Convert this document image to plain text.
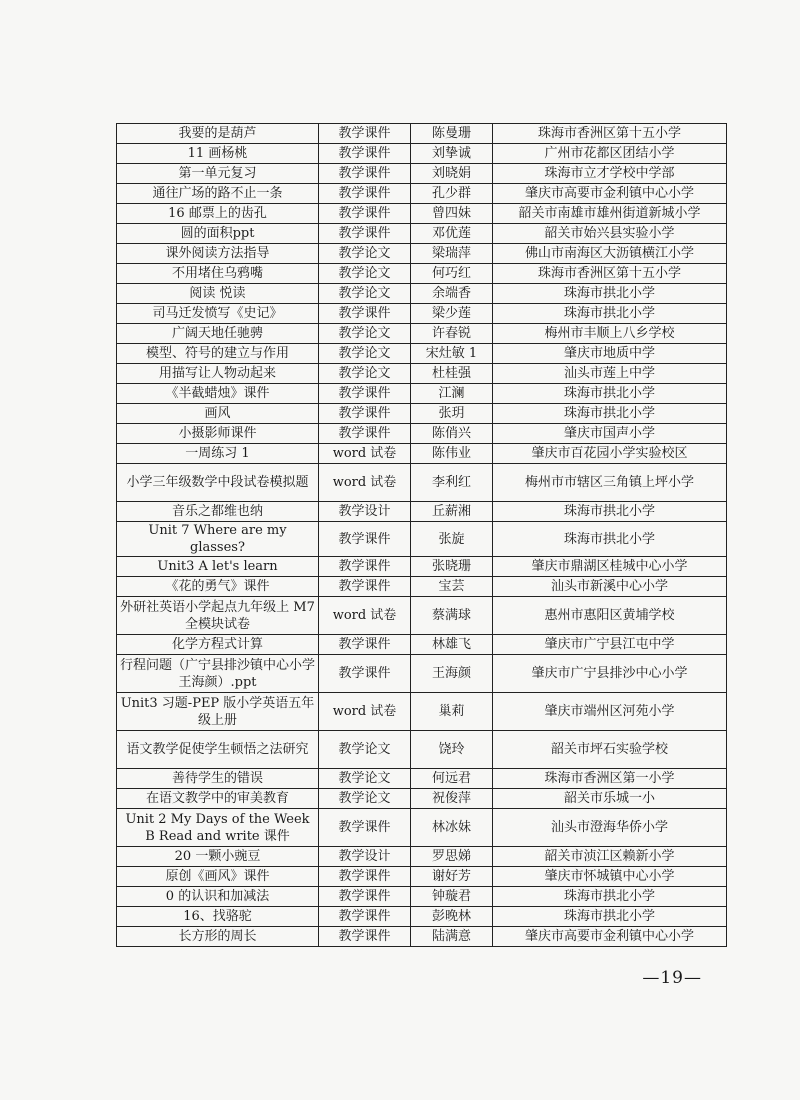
我要的是葫芦	教学课件	陈曼珊	珠海市香洲区第十五小学
11 画杨桃	教学课件	刘挚诚	广州市花都区团结小学
第一单元复习	教学课件	刘晓娟	珠海市立才学校中学部
通往广场的路不止一条	教学课件	孔少群	肇庆市高要市金利镇中心小学
16 邮票上的齿孔	教学课件	曾四妹	韶关市南雄市雄州街道新城小学
圆的面积ppt	教学课件	邓优莲	韶关市始兴县实验小学
课外阅读方法指导	教学论文	梁瑞萍	佛山市南海区大沥镇横江小学
不用堵住乌鸦嘴	教学论文	何巧红	珠海市香洲区第十五小学
阅读 悦读	教学论文	余端香	珠海市拱北小学
司马迁发愤写《史记》	教学课件	梁少莲	珠海市拱北小学
广阔天地任驰骋	教学论文	许春锐	梅州市丰顺上八乡学校
模型、符号的建立与作用	教学论文	宋灶敏 1	肇庆市地质中学
用描写让人物动起来	教学论文	杜桂强	汕头市莲上中学
《半截蜡烛》课件	教学课件	江澜	珠海市拱北小学
画风	教学课件	张玥	珠海市拱北小学
小摄影师课件	教学课件	陈俏兴	肇庆市国声小学
一周练习 1	word 试卷	陈伟业	肇庆市百花园小学实验校区
小学三年级数学中段试卷模拟题	word 试卷	李利红	梅州市市辖区三角镇上坪小学
音乐之都维也纳	教学设计	丘薪湘	珠海市拱北小学
Unit 7 Where are my glasses?	教学课件	张旋	珠海市拱北小学
Unit3 A let's learn	教学课件	张晓珊	肇庆市鼎湖区桂城中心小学
《花的勇气》课件	教学课件	宝芸	汕头市新溪中心小学
外研社英语小学起点九年级上 M7 全模块试卷	word 试卷	蔡满球	惠州市惠阳区黄埔学校
化学方程式计算	教学课件	林雄飞	肇庆市广宁县江屯中学
行程问题（广宁县排沙镇中心小学 王海颜）.ppt	教学课件	王海颜	肇庆市广宁县排沙中心小学
Unit3 习题-PEP 版小学英语五年级上册	word 试卷	巢莉	肇庆市端州区河苑小学
语文教学促使学生顿悟之法研究	教学论文	饶玲	韶关市坪石实验学校
善待学生的错误	教学论文	何远君	珠海市香洲区第一小学
在语文教学中的审美教育	教学论文	祝俊萍	韶关市乐城一小
Unit 2 My Days of the Week B Read and write 课件	教学课件	林冰妹	汕头市澄海华侨小学
20 一颗小豌豆	教学设计	罗思娣	韶关市浈江区赖新小学
原创《画风》课件	教学课件	谢好芳	肇庆市怀城镇中心小学
0 的认识和加减法	教学课件	钟璇君	珠海市拱北小学
16、找骆驼	教学课件	彭晚林	珠海市拱北小学
长方形的周长	教学课件	陆满意	肇庆市高要市金利镇中心小学
—19—
